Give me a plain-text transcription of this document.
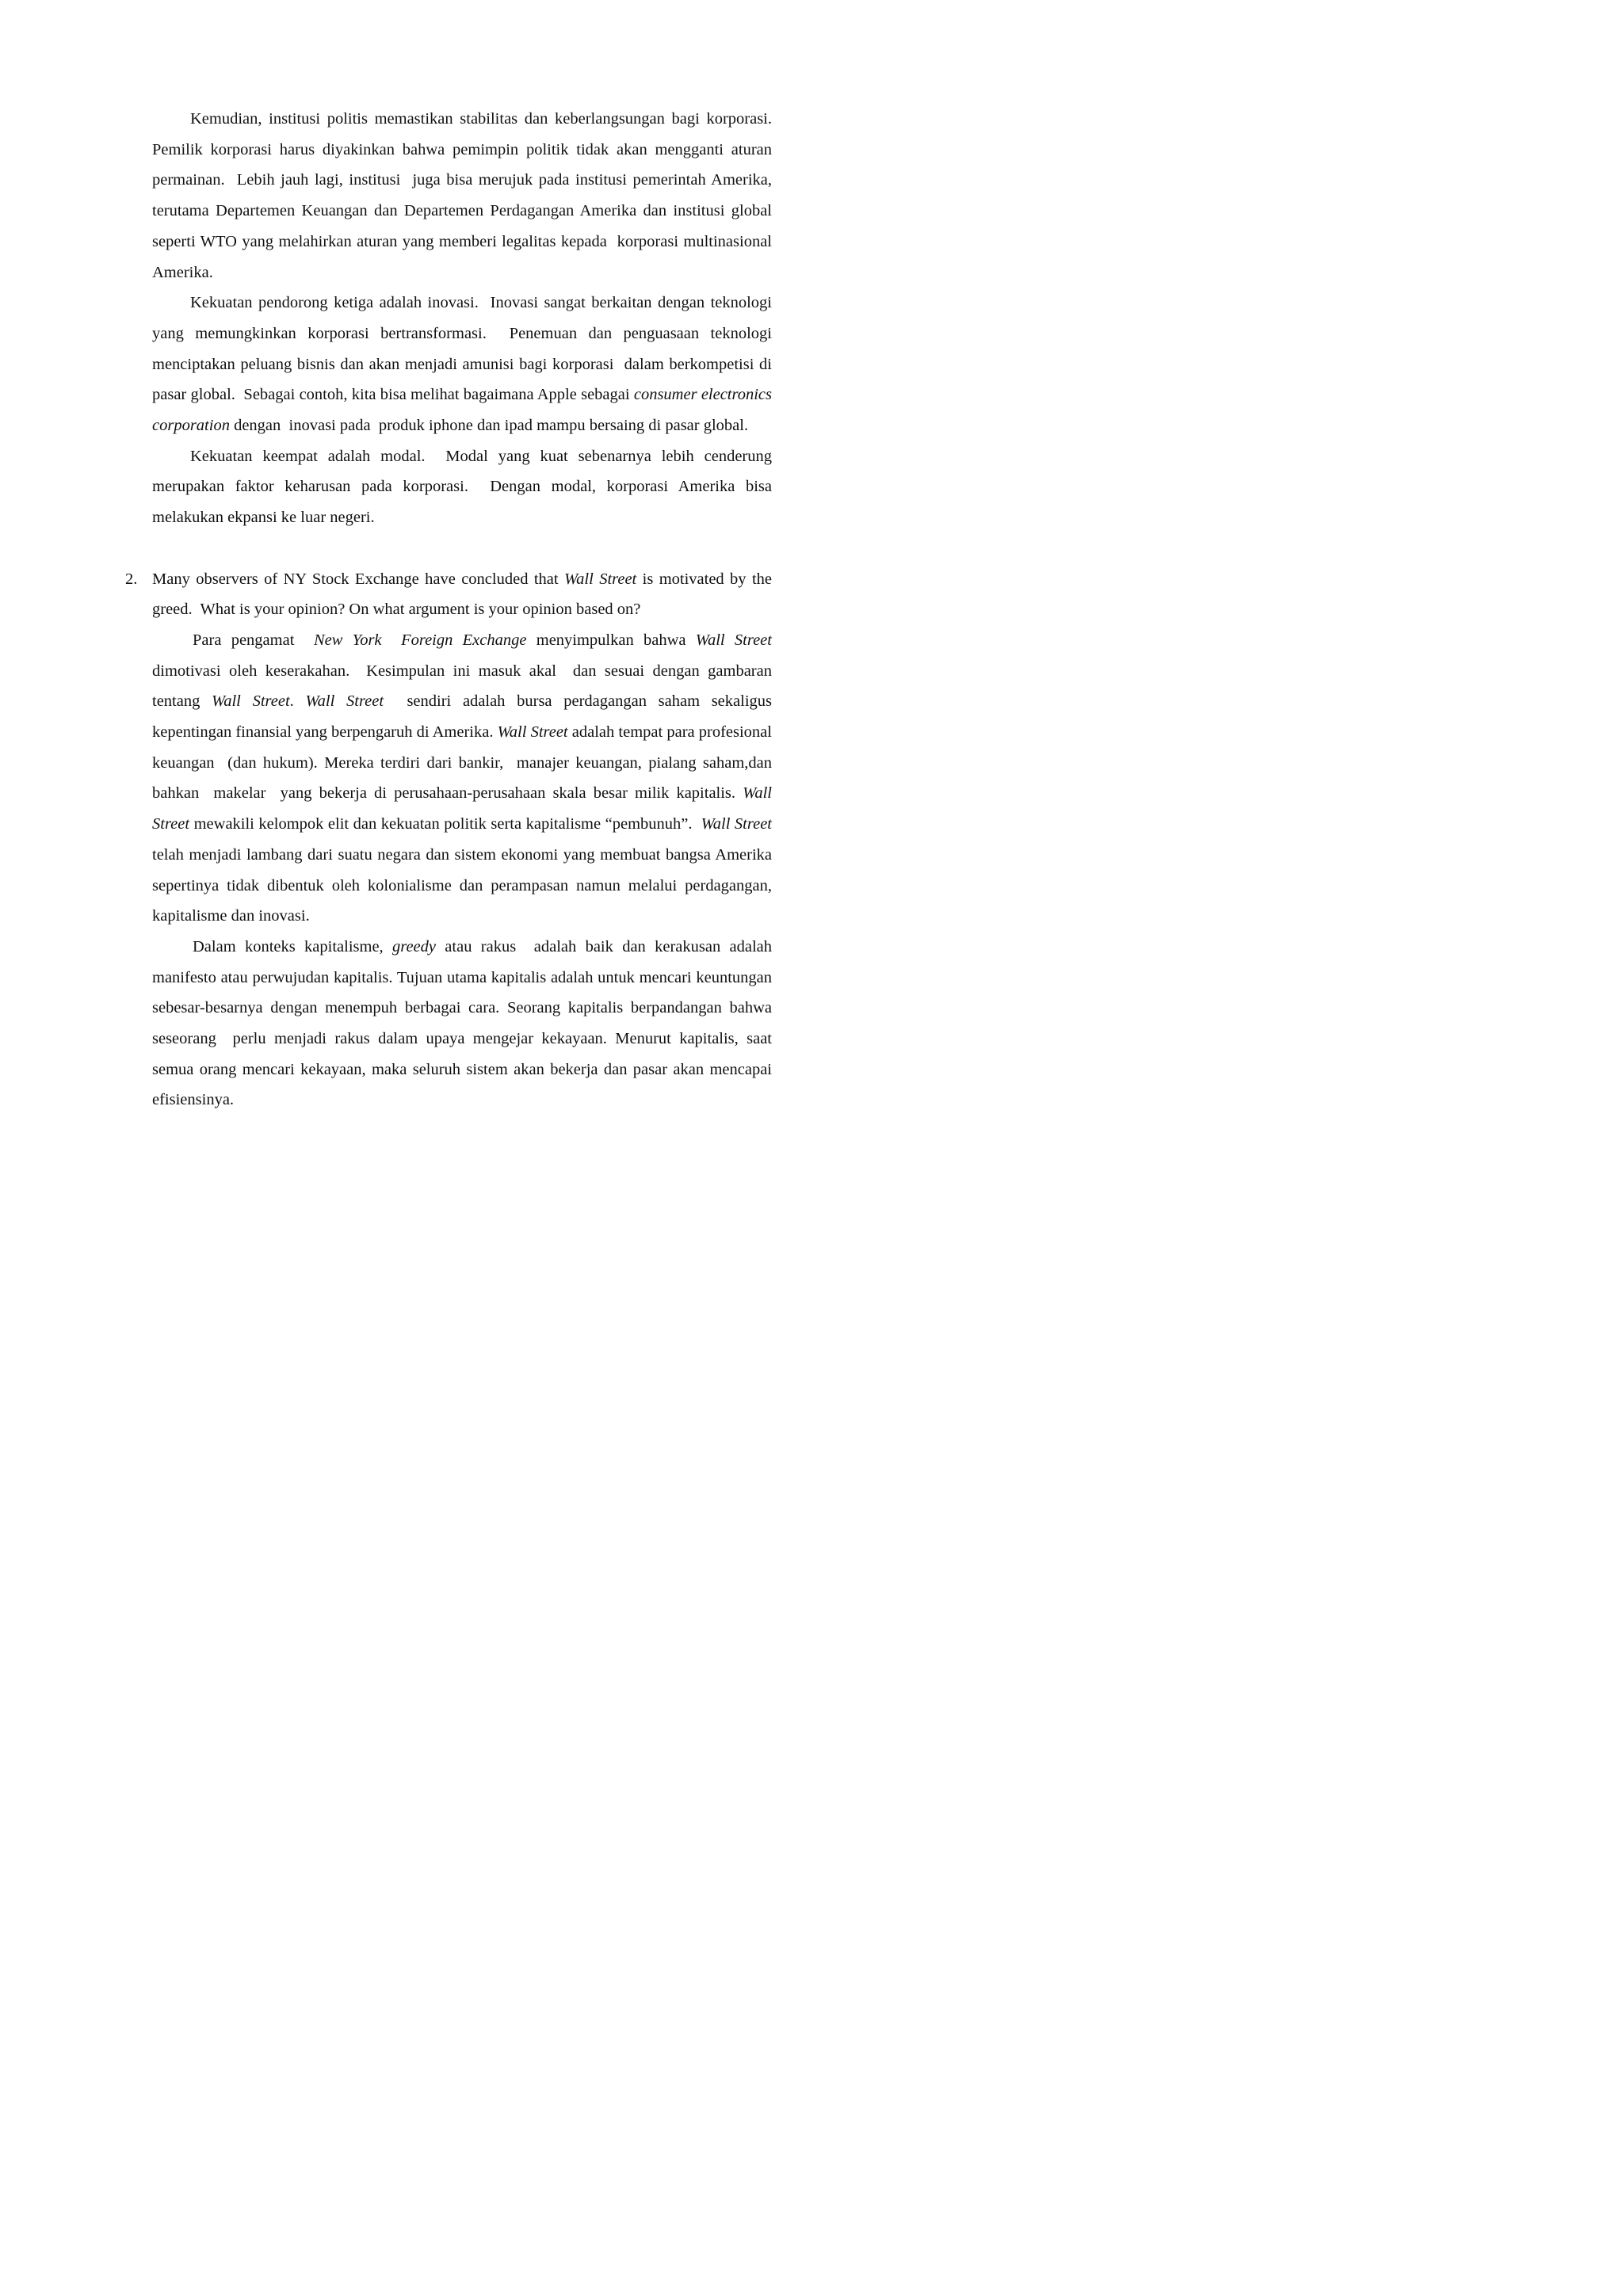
Kemudian, institusi politis memastikan stabilitas dan keberlangsungan bagi korporasi. Pemilik korporasi harus diyakinkan bahwa pemimpin politik tidak akan mengganti aturan permainan.  Lebih jauh lagi, institusi  juga bisa merujuk pada institusi pemerintah Amerika, terutama Departemen Keuangan dan Departemen Perdagangan Amerika dan institusi global seperti WTO yang melahirkan aturan yang memberi legalitas kepada  korporasi multinasional Amerika.

Kekuatan pendorong ketiga adalah inovasi.  Inovasi sangat berkaitan dengan teknologi yang memungkinkan korporasi bertransformasi.  Penemuan dan penguasaan teknologi menciptakan peluang bisnis dan akan menjadi amunisi bagi korporasi  dalam berkompetisi di pasar global.  Sebagai contoh, kita bisa melihat bagaimana Apple sebagai consumer electronics corporation dengan  inovasi pada  produk iphone dan ipad mampu bersaing di pasar global.

Kekuatan keempat adalah modal.  Modal yang kuat sebenarnya lebih cenderung merupakan faktor keharusan pada korporasi.  Dengan modal, korporasi Amerika bisa melakukan ekpansi ke luar negeri.

2. Many observers of NY Stock Exchange have concluded that Wall Street is motivated by the greed.  What is your opinion? On what argument is your opinion based on?

Para pengamat  New York  Foreign Exchange menyimpulkan bahwa Wall Street dimotivasi oleh keserakahan.  Kesimpulan ini masuk akal  dan sesuai dengan gambaran tentang Wall Street. Wall Street  sendiri adalah bursa perdagangan saham sekaligus kepentingan finansial yang berpengaruh di Amerika. Wall Street adalah tempat para profesional keuangan  (dan hukum). Mereka terdiri dari bankir,  manajer keuangan, pialang saham,dan bahkan  makelar  yang bekerja di perusahaan-perusahaan skala besar milik kapitalis. Wall Street mewakili kelompok elit dan kekuatan politik serta kapitalisme “pembunuh”.  Wall Street telah menjadi lambang dari suatu negara dan sistem ekonomi yang membuat bangsa Amerika sepertinya tidak dibentuk oleh kolonialisme dan perampasan namun melalui perdagangan, kapitalisme dan inovasi.

Dalam konteks kapitalisme, greedy atau rakus  adalah baik dan kerakusan adalah manifesto atau perwujudan kapitalis. Tujuan utama kapitalis adalah untuk mencari keuntungan sebesar-besarnya dengan menempuh berbagai cara. Seorang kapitalis berpandangan bahwa seseorang  perlu menjadi rakus dalam upaya mengejar kekayaan. Menurut kapitalis, saat semua orang mencari kekayaan, maka seluruh sistem akan bekerja dan pasar akan mencapai efisiensinya.
